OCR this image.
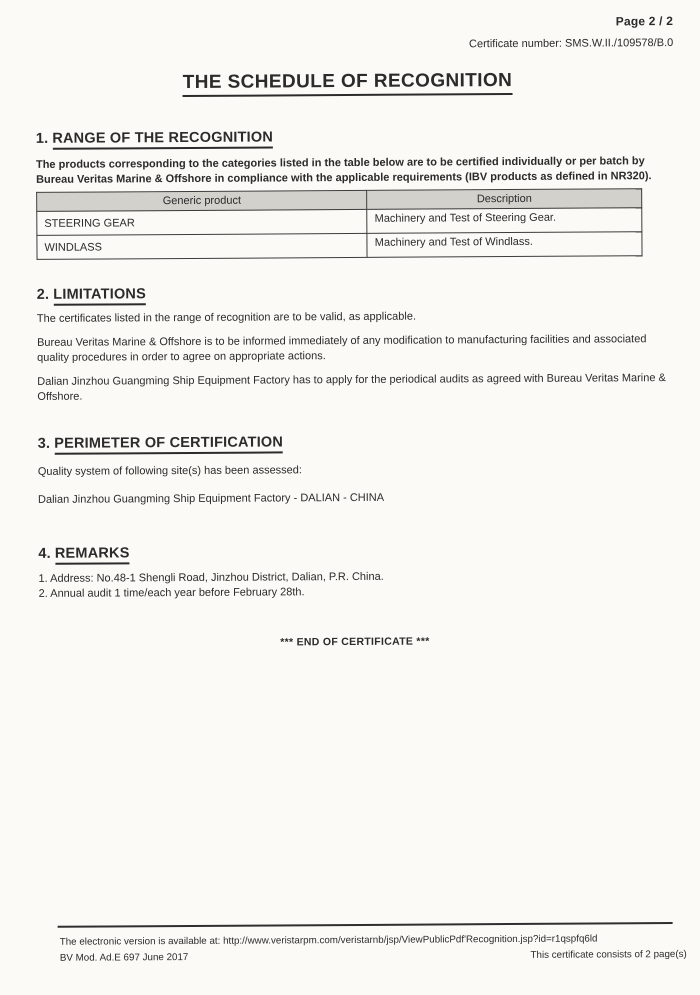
Page 2 / 2
Certificate number: SMS.W.II./109578/B.0
THE SCHEDULE OF RECOGNITION
1. RANGE OF THE RECOGNITION

The products corresponding to the categories listed in the table below are to be certified individually or per batch by Bureau Veritas Marine & Offshore in compliance with the applicable requirements (IBV products as defined in NR320).

Generic product	Description
STEERING GEAR	Machinery and Test of Steering Gear.
WINDLASS	Machinery and Test of Windlass.
2. LIMITATIONS

The certificates listed in the range of recognition are to be valid, as applicable.

Bureau Veritas Marine & Offshore is to be informed immediately of any modification to manufacturing facilities and associated quality procedures in order to agree on appropriate actions.

Dalian Jinzhou Guangming Ship Equipment Factory has to apply for the periodical audits as agreed with Bureau Veritas Marine & Offshore.

3. PERIMETER OF CERTIFICATION

Quality system of following site(s) has been assessed:

Dalian Jinzhou Guangming Ship Equipment Factory - DALIAN - CHINA

4. REMARKS
1. Address: No.48-1 Shengli Road, Jinzhou District, Dalian, P.R. China.
2. Annual audit 1 time/each year before February 28th.

*** END OF CERTIFICATE ***

The electronic version is available at: http://www.veristarpm.com/veristarnb/jsp/ViewPublicPdf'Recognition.jsp?id=r1qspfq6ld
BV Mod. Ad.E 697 June 2017	This certificate consists of 2 page(s)
